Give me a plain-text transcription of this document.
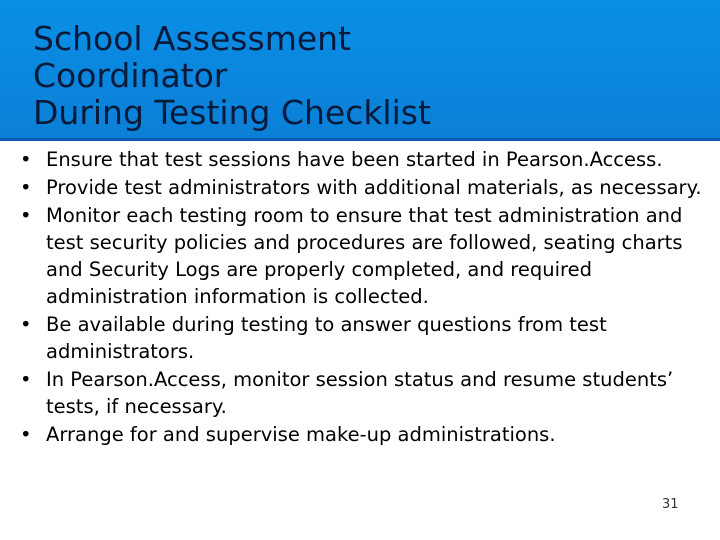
School Assessment
Coordinator
During Testing Checklist
• Ensure that test sessions have been started in Pearson.Access.
• Provide test administrators with additional materials, as necessary.
• Monitor each testing room to ensure that test administration and test security policies and procedures are followed, seating charts and Security Logs are properly completed, and required administration information is collected.
• Be available during testing to answer questions from test administrators.
• In Pearson.Access, monitor session status and resume students’ tests, if necessary.
• Arrange for and supervise make-up administrations.
31
